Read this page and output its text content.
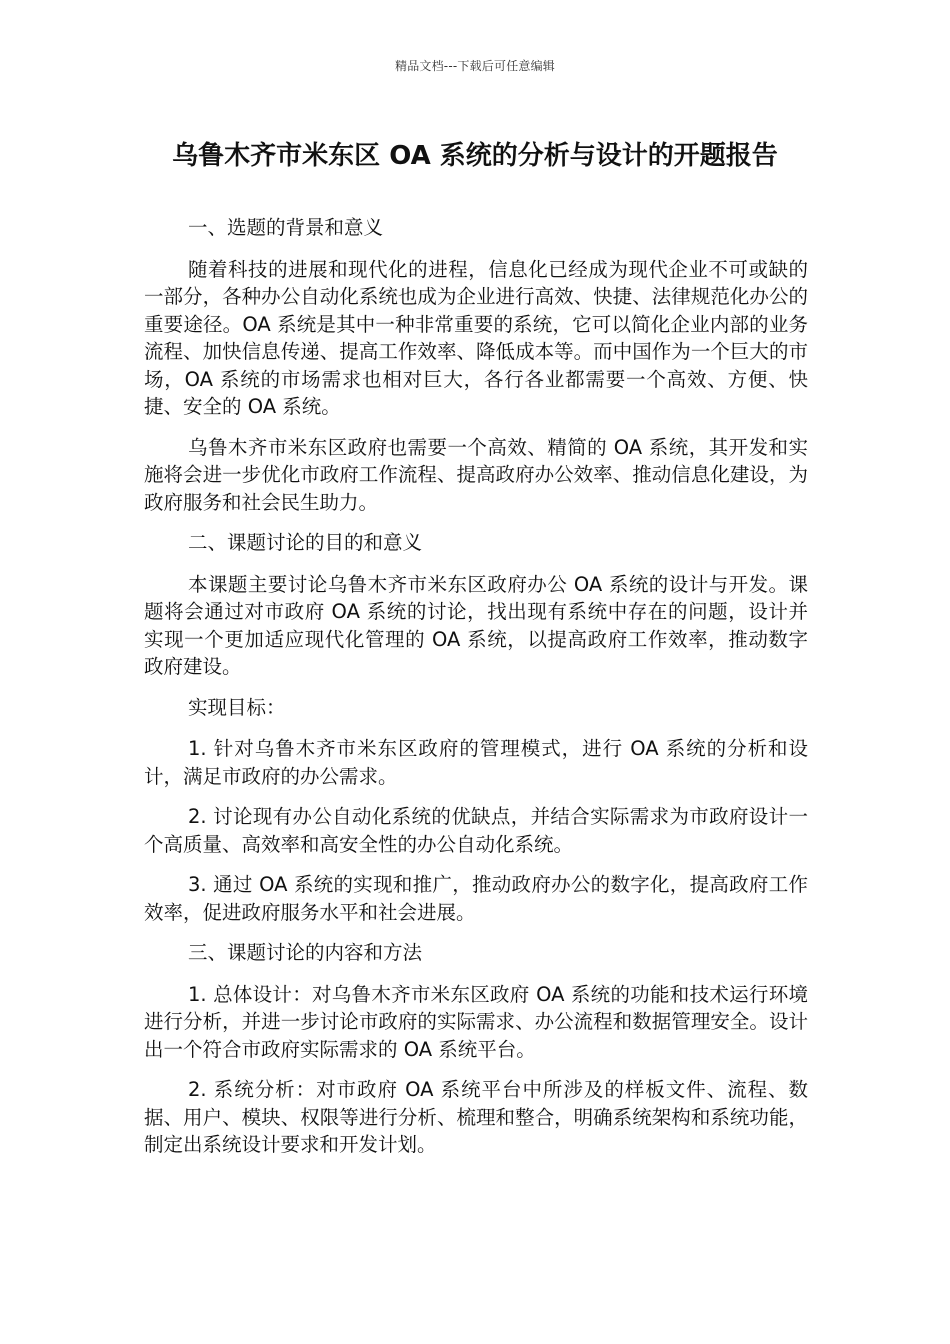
精品文档---下载后可任意编辑
乌鲁木齐市米东区 OA 系统的分析与设计的开题报告

一、选题的背景和意义

随着科技的进展和现代化的进程，信息化已经成为现代企业不可或缺的一部分，各种办公自动化系统也成为企业进行高效、快捷、法律规范化办公的重要途径。OA 系统是其中一种非常重要的系统，它可以简化企业内部的业务流程、加快信息传递、提高工作效率、降低成本等。而中国作为一个巨大的市场，OA 系统的市场需求也相对巨大，各行各业都需要一个高效、方便、快捷、安全的 OA 系统。

乌鲁木齐市米东区政府也需要一个高效、精简的 OA 系统，其开发和实施将会进一步优化市政府工作流程、提高政府办公效率、推动信息化建设，为政府服务和社会民生助力。

二、课题讨论的目的和意义

本课题主要讨论乌鲁木齐市米东区政府办公 OA 系统的设计与开发。课题将会通过对市政府 OA 系统的讨论，找出现有系统中存在的问题，设计并实现一个更加适应现代化管理的 OA 系统，以提高政府工作效率，推动数字政府建设。

实现目标：

1. 针对乌鲁木齐市米东区政府的管理模式，进行 OA 系统的分析和设计，满足市政府的办公需求。

2. 讨论现有办公自动化系统的优缺点，并结合实际需求为市政府设计一个高质量、高效率和高安全性的办公自动化系统。

3. 通过 OA 系统的实现和推广，推动政府办公的数字化，提高政府工作效率，促进政府服务水平和社会进展。

三、课题讨论的内容和方法

1. 总体设计：对乌鲁木齐市米东区政府 OA 系统的功能和技术运行环境进行分析，并进一步讨论市政府的实际需求、办公流程和数据管理安全。设计出一个符合市政府实际需求的 OA 系统平台。

2. 系统分析：对市政府 OA 系统平台中所涉及的样板文件、流程、数据、用户、模块、权限等进行分析、梳理和整合，明确系统架构和系统功能，制定出系统设计要求和开发计划。
